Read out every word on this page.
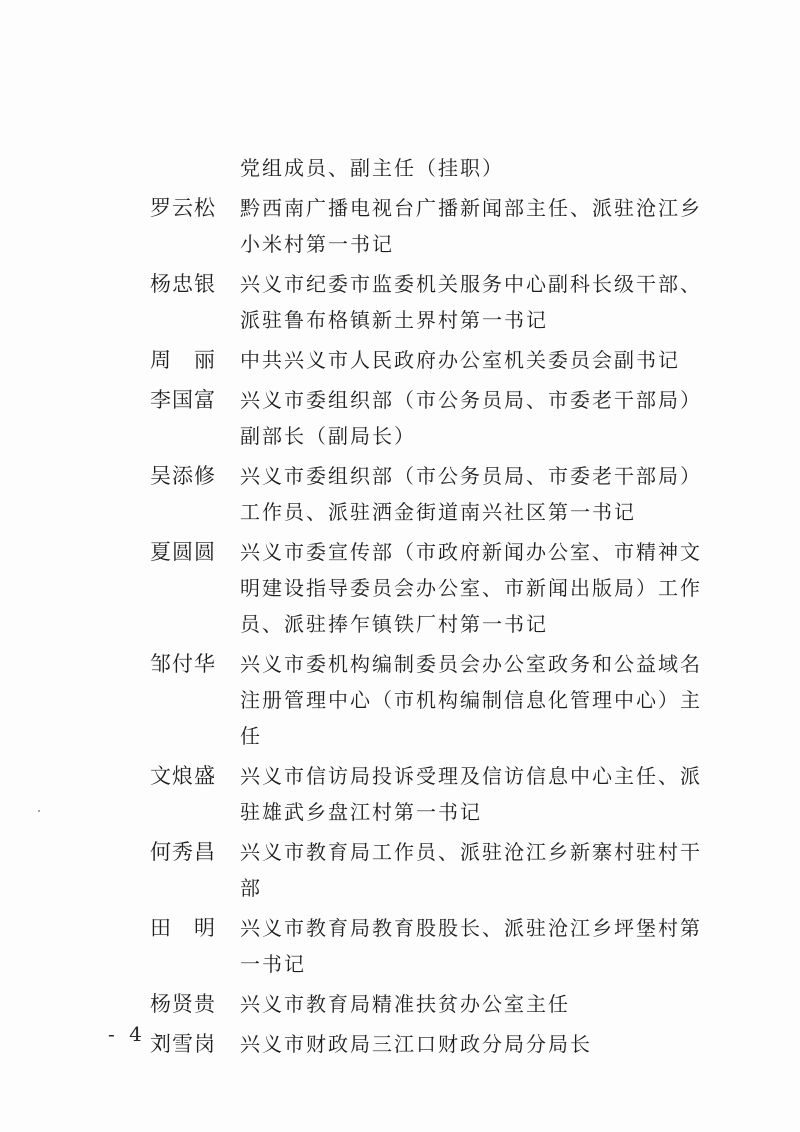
党组成员、副主任（挂职）
罗云松	黔西南广播电视台广播新闻部主任、派驻沧江乡小米村第一书记
杨忠银	兴义市纪委市监委机关服务中心副科长级干部、派驻鲁布格镇新土界村第一书记
周　丽	中共兴义市人民政府办公室机关委员会副书记
李国富	兴义市委组织部（市公务员局、市委老干部局）副部长（副局长）
吴添修	兴义市委组织部（市公务员局、市委老干部局）工作员、派驻洒金街道南兴社区第一书记
夏圆圆	兴义市委宣传部（市政府新闻办公室、市精神文明建设指导委员会办公室、市新闻出版局）工作员、派驻捧乍镇铁厂村第一书记
邹付华	兴义市委机构编制委员会办公室政务和公益域名注册管理中心（市机构编制信息化管理中心）主任
文烺盛	兴义市信访局投诉受理及信访信息中心主任、派驻雄武乡盘江村第一书记
何秀昌	兴义市教育局工作员、派驻沧江乡新寨村驻村干部
田　明	兴义市教育局教育股股长、派驻沧江乡坪堡村第一书记
杨贤贵	兴义市教育局精准扶贫办公室主任
刘雪岗	兴义市财政局三江口财政分局分局长
- 4 -
